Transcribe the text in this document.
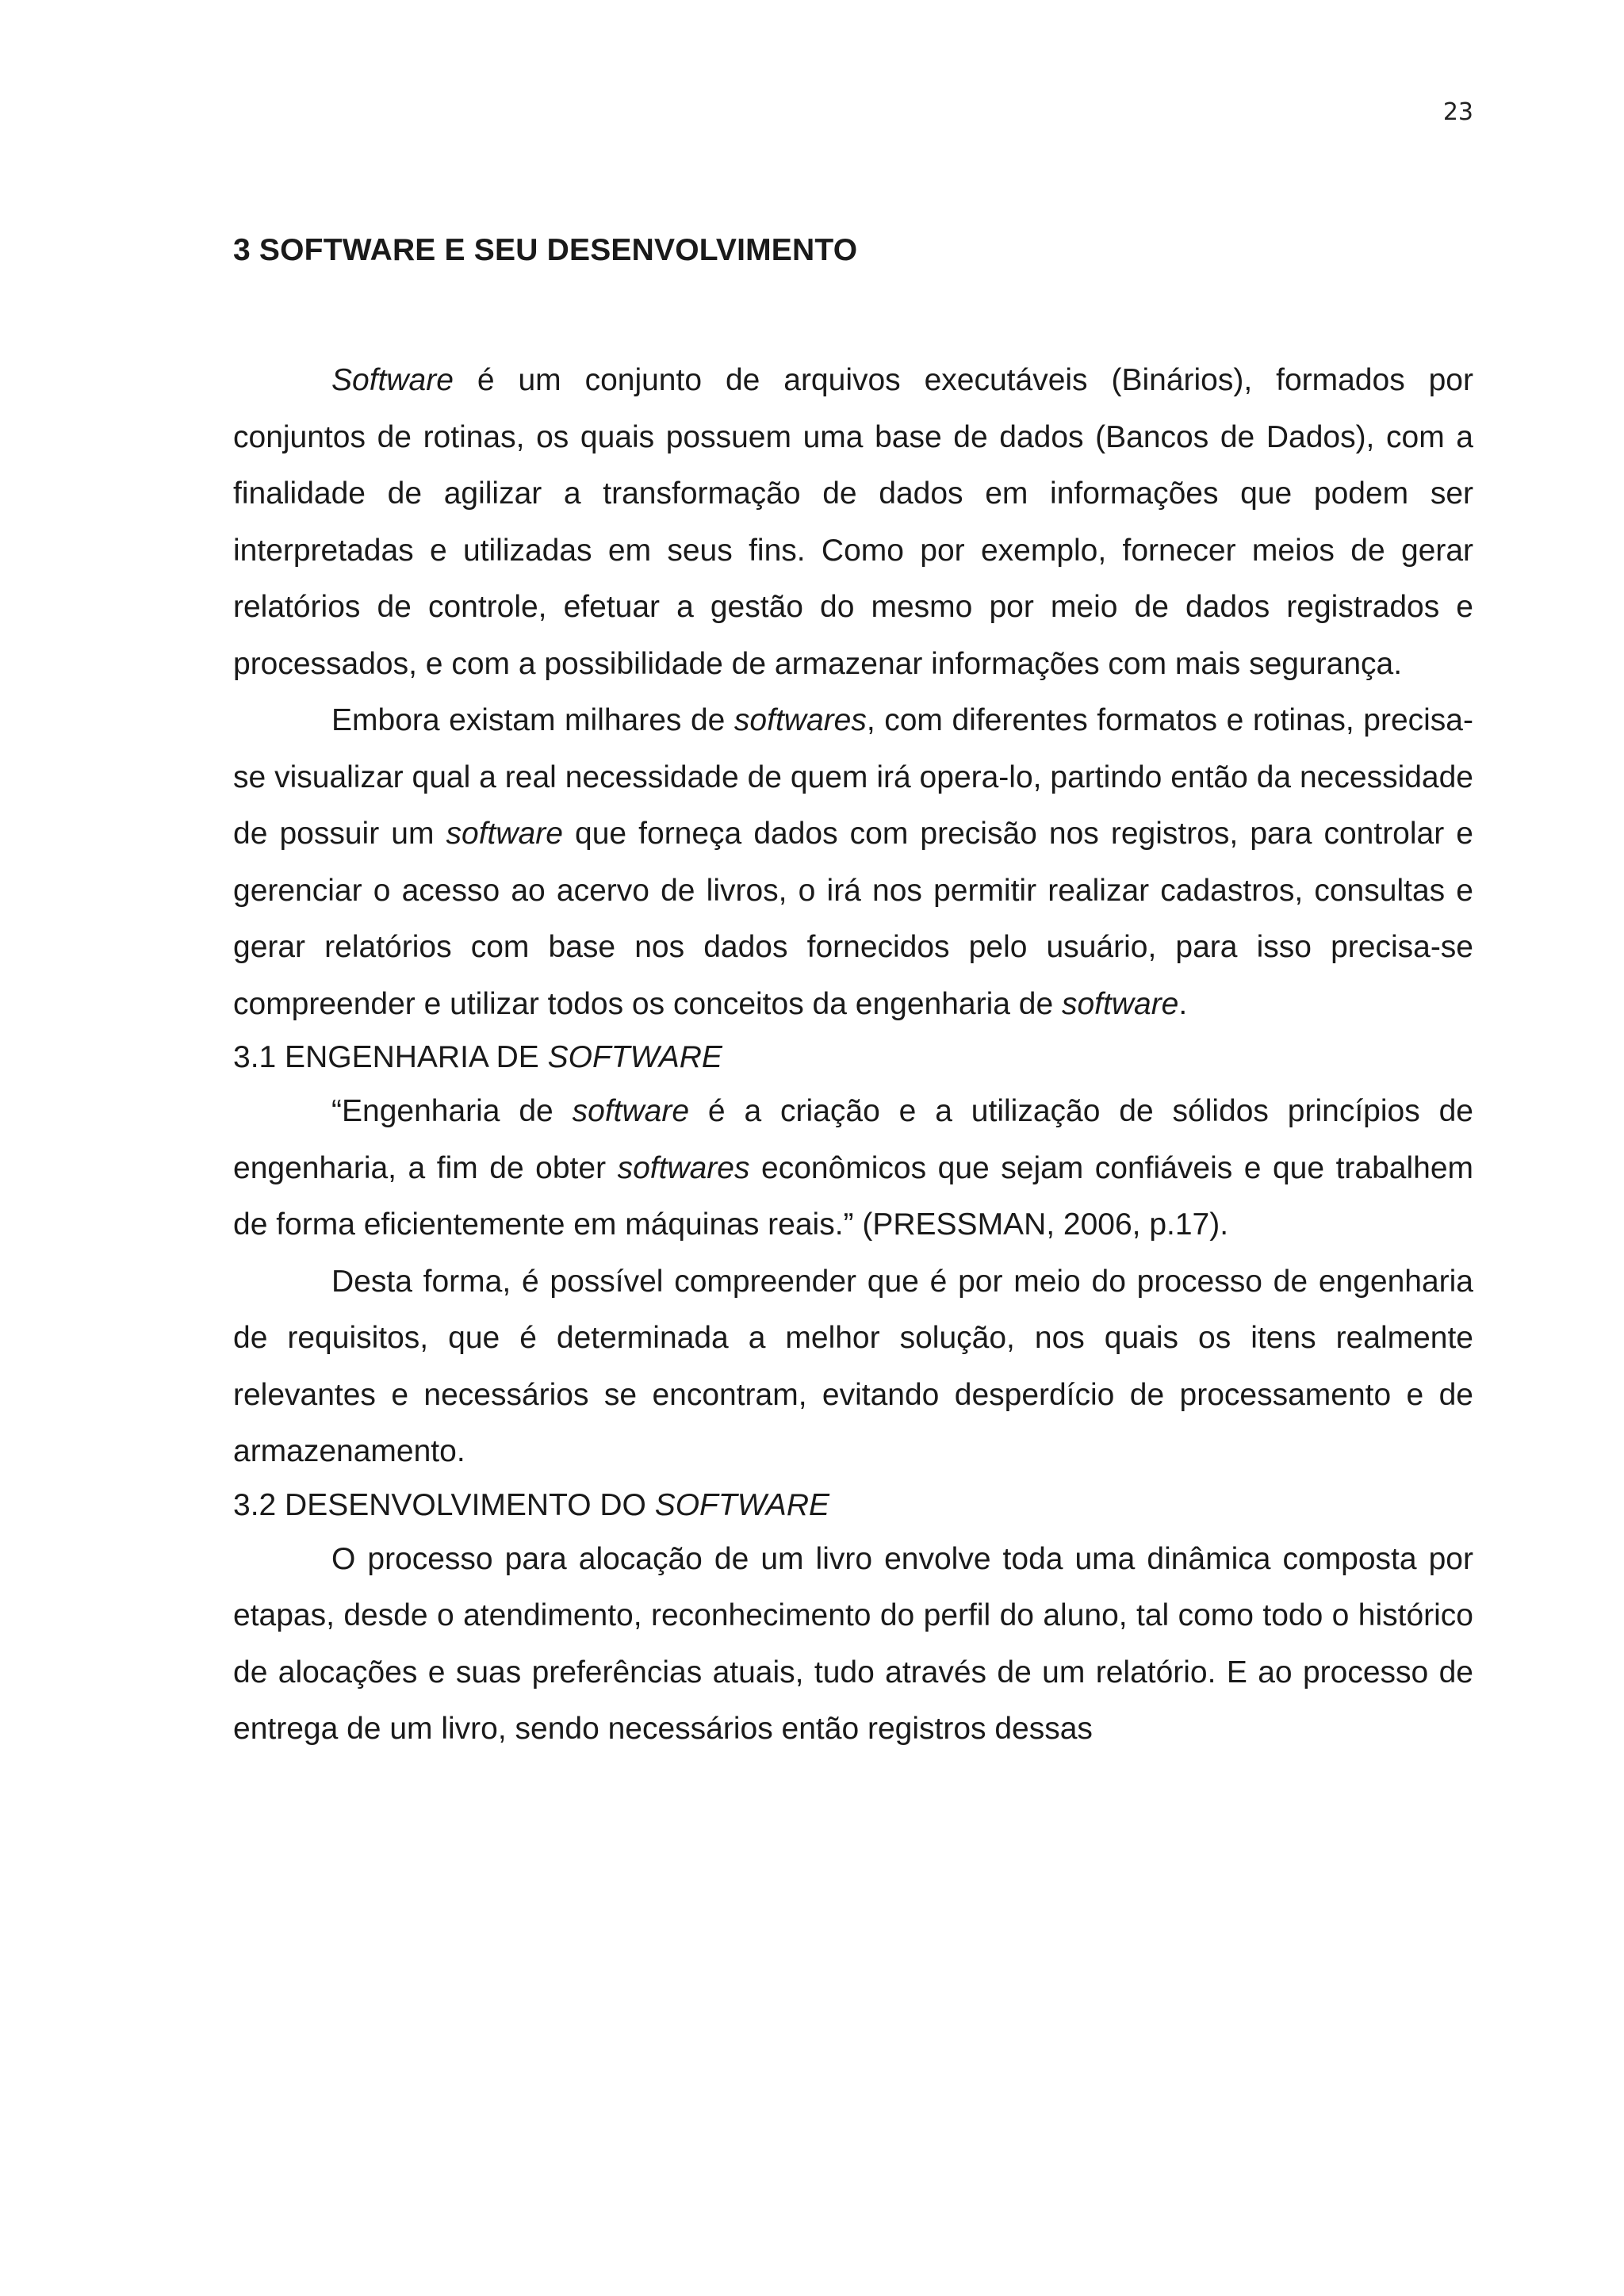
23
3 SOFTWARE E SEU DESENVOLVIMENTO

Software é um conjunto de arquivos executáveis (Binários), formados por conjuntos de rotinas, os quais possuem uma base de dados (Bancos de Dados), com a finalidade de agilizar a transformação de dados em informações que podem ser interpretadas e utilizadas em seus fins. Como por exemplo, fornecer meios de gerar relatórios de controle, efetuar a gestão do mesmo por meio de dados registrados e processados, e com a possibilidade de armazenar informações com mais segurança.

Embora existam milhares de softwares, com diferentes formatos e rotinas, precisa-se visualizar qual a real necessidade de quem irá opera-lo, partindo então da necessidade de possuir um software que forneça dados com precisão nos registros, para controlar e gerenciar o acesso ao acervo de livros, o irá nos permitir realizar cadastros, consultas e gerar relatórios com base nos dados fornecidos pelo usuário, para isso precisa-se compreender e utilizar todos os conceitos da engenharia de software.

3.1 ENGENHARIA DE SOFTWARE

“Engenharia de software é a criação e a utilização de sólidos princípios de engenharia, a fim de obter softwares econômicos que sejam confiáveis e que trabalhem de forma eficientemente em máquinas reais.” (PRESSMAN, 2006, p.17).

Desta forma, é possível compreender que é por meio do processo de engenharia de requisitos, que é determinada a melhor solução, nos quais os itens realmente relevantes e necessários se encontram, evitando desperdício de processamento e de armazenamento.

3.2 DESENVOLVIMENTO DO SOFTWARE

O processo para alocação de um livro envolve toda uma dinâmica composta por etapas, desde o atendimento, reconhecimento do perfil do aluno, tal como todo o histórico de alocações e suas preferências atuais, tudo através de um relatório. E ao processo de entrega de um livro, sendo necessários então registros dessas
